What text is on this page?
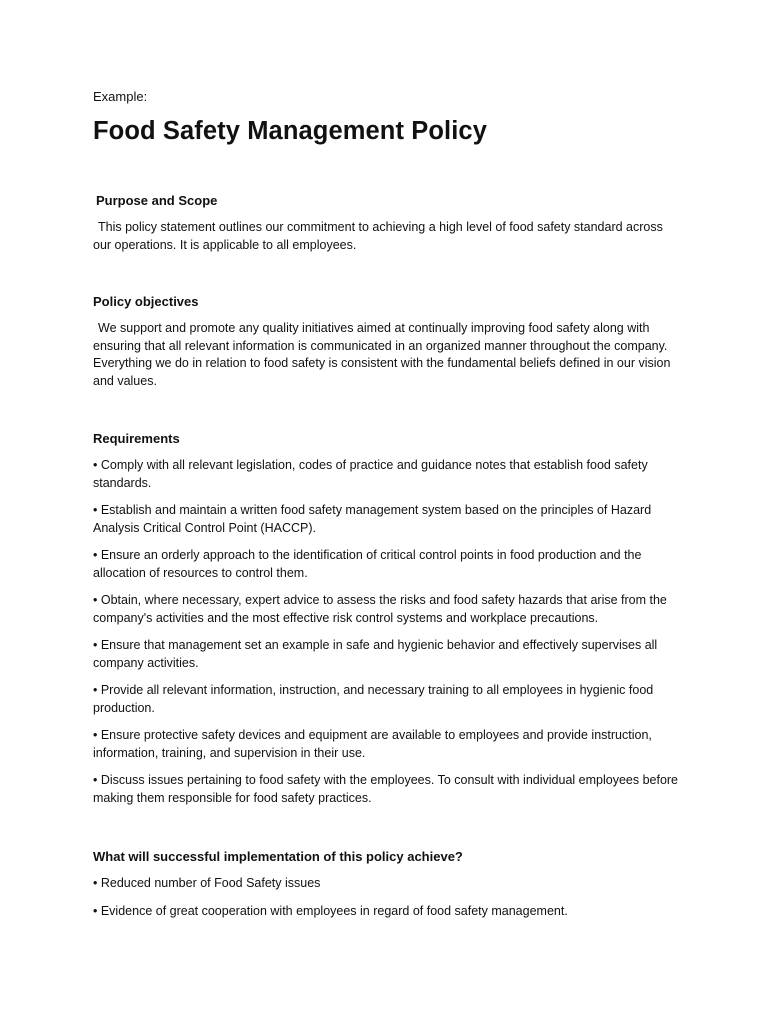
Example:
Food Safety Management Policy
Purpose and Scope

This policy statement outlines our commitment to achieving a high level of food safety standard across our operations. It is applicable to all employees.

Policy objectives

We support and promote any quality initiatives aimed at continually improving food safety along with ensuring that all relevant information is communicated in an organized manner throughout the company. Everything we do in relation to food safety is consistent with the fundamental beliefs defined in our vision and values.

Requirements

• Comply with all relevant legislation, codes of practice and guidance notes that establish food safety standards.

• Establish and maintain a written food safety management system based on the principles of Hazard Analysis Critical Control Point (HACCP).

• Ensure an orderly approach to the identification of critical control points in food production and the allocation of resources to control them.

• Obtain, where necessary, expert advice to assess the risks and food safety hazards that arise from the company's activities and the most effective risk control systems and workplace precautions.

• Ensure that management set an example in safe and hygienic behavior and effectively supervises all company activities.

• Provide all relevant information, instruction, and necessary training to all employees in hygienic food production.

• Ensure protective safety devices and equipment are available to employees and provide instruction, information, training, and supervision in their use.

• Discuss issues pertaining to food safety with the employees. To consult with individual employees before making them responsible for food safety practices.

What will successful implementation of this policy achieve?

• Reduced number of Food Safety issues

• Evidence of great cooperation with employees in regard of food safety management.
